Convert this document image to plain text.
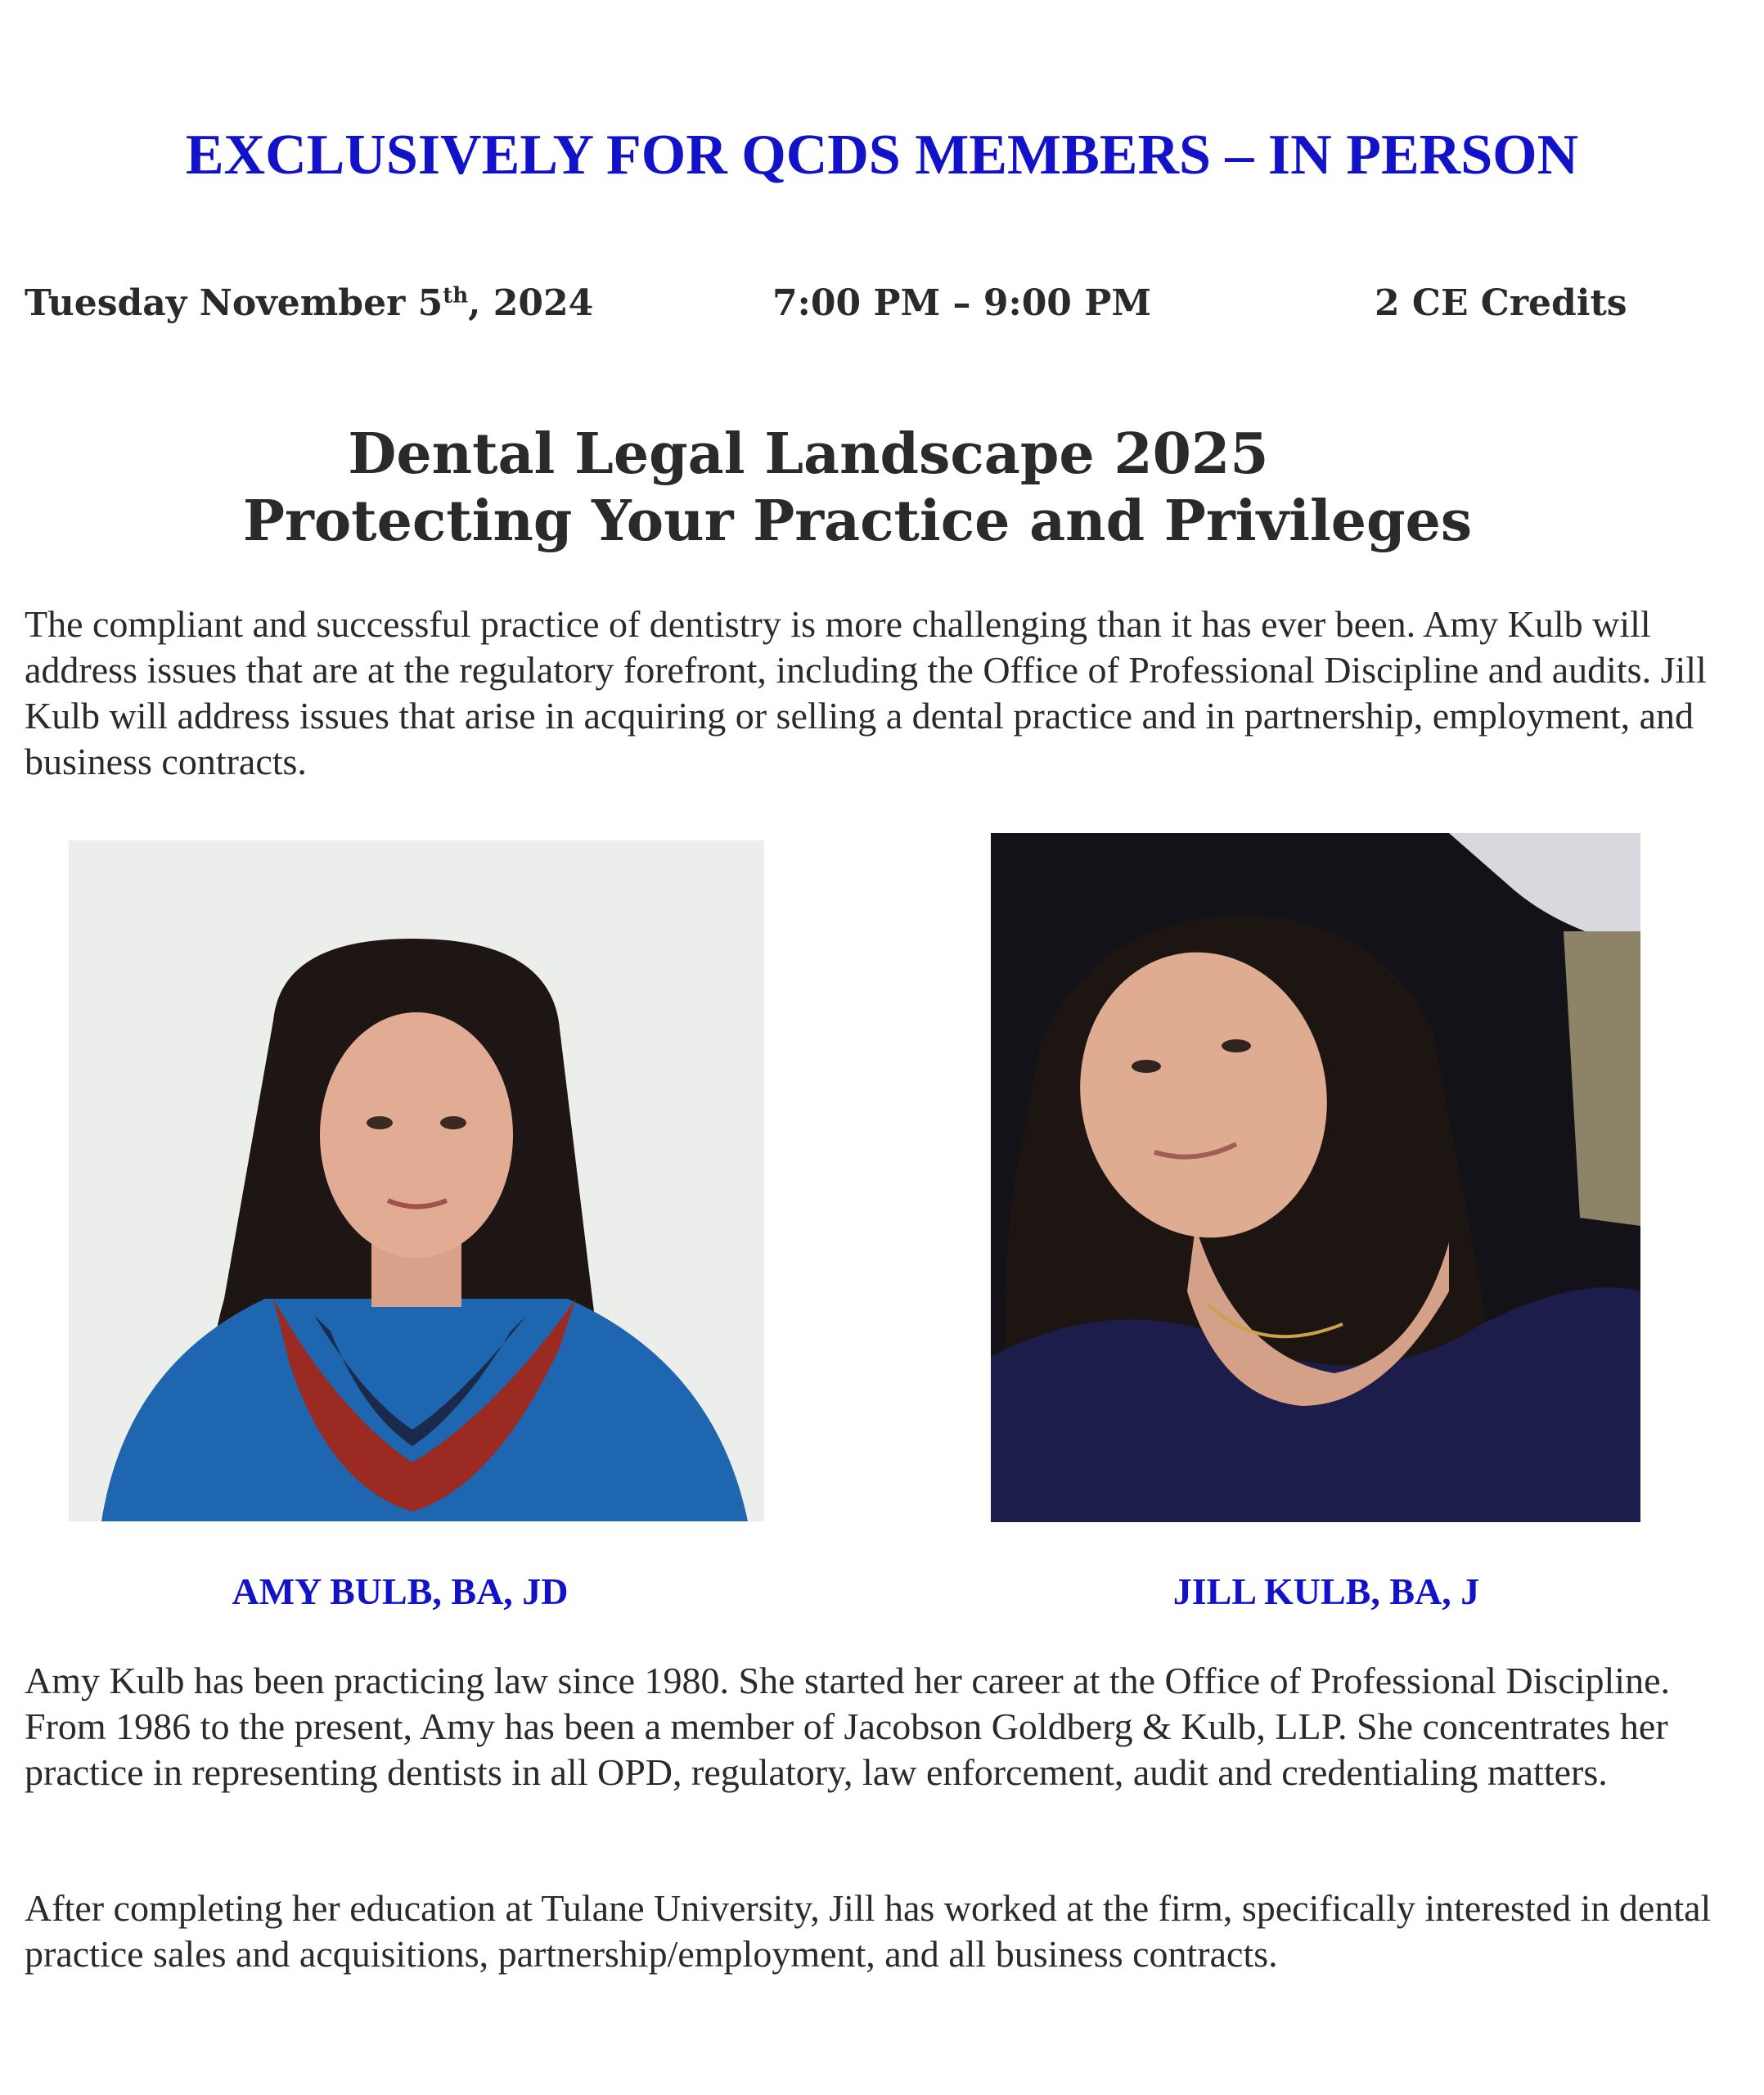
EXCLUSIVELY FOR QCDS MEMBERS – IN PERSON
Tuesday November 5th, 2024	7:00 PM – 9:00 PM	2 CE Credits
Dental Legal Landscape 2025
Protecting Your Practice and Privileges
The compliant and successful practice of dentistry is more challenging than it has ever been. Amy Kulb will address issues that are at the regulatory forefront, including the Office of Professional Discipline and audits. Jill Kulb will address issues that arise in acquiring or selling a dental practice and in partnership, employment, and business contracts.
AMY BULB, BA, JD	JILL KULB, BA, J
Amy Kulb has been practicing law since 1980. She started her career at the Office of Professional Discipline. From 1986 to the present, Amy has been a member of Jacobson Goldberg & Kulb, LLP. She concentrates her practice in representing dentists in all OPD, regulatory, law enforcement, audit and credentialing matters.
After completing her education at Tulane University, Jill has worked at the firm, specifically interested in dental practice sales and acquisitions, partnership/employment, and all business contracts.
